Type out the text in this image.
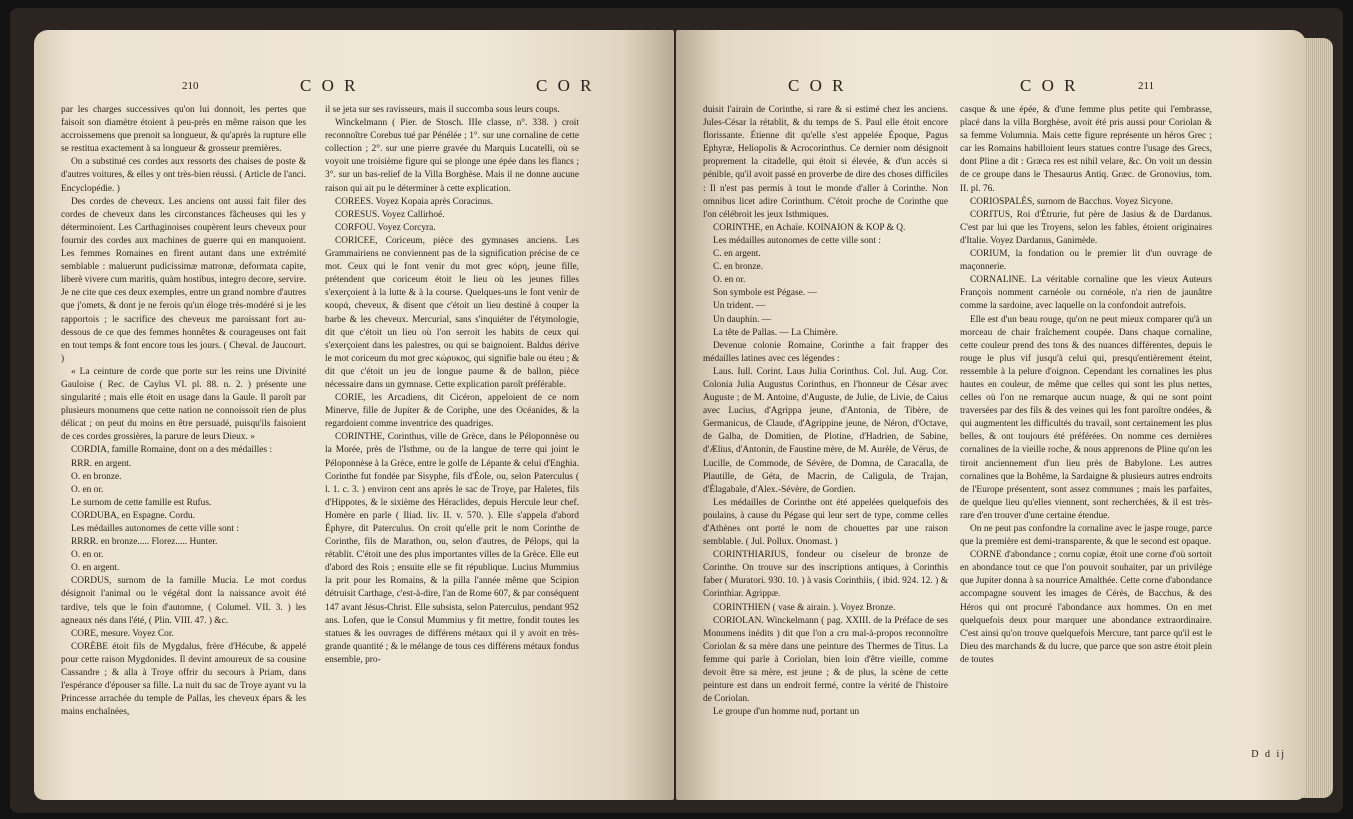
210	C O R	C O R

par les charges successives qu'on lui donnoit, les pertes que faisoit son diamètre étoient à peu-près en même raison que les accroissemens que prenoit sa longueur, & qu'après la rupture elle se restitua exactement à sa longueur & grosseur premières.

On a substitué ces cordes aux ressorts des chaises de poste & d'autres voitures, & elles y ont très-bien réussi. ( Article de l'anci. Encyclopédie. )

Des cordes de cheveux. Les anciens ont aussi fait filer des cordes de cheveux dans les circonstances fâcheuses qui les y déterminoient. Les Carthaginoises coupèrent leurs cheveux pour fournir des cordes aux machines de guerre qui en manquoient. Les femmes Romaines en firent autant dans une extrémité semblable : maluerunt pudicissimæ matronæ, deformata capite, liberè vivere cum maritis, quàm hostibus, integro decore, servire. Je ne cite que ces deux exemples, entre un grand nombre d'autres que j'omets, & dont je ne ferois qu'un éloge très-modéré si je les rapportois ; le sacrifice des cheveux me paroissant fort au-dessous de ce que des femmes honnêtes & courageuses ont fait en tout temps & font encore tous les jours. ( Cheval. de Jaucourt. )

« La ceinture de corde que porte sur les reins une Divinité Gauloise ( Rec. de Caylus VI. pl. 88. n. 2. ) présente une singularité ; mais elle étoit en usage dans la Gaule. Il paroît par plusieurs monumens que cette nation ne connoissoit rien de plus délicat ; on peut du moins en être persuadé, puisqu'ils faisoient de ces cordes grossières, la parure de leurs Dieux. »

CORDIA, famille Romaine, dont on a des médailles :

RRR. en argent.

O. en bronze.

O. en or.

Le surnom de cette famille est Rufus.

CORDUBA, en Espagne. Cordu.

Les médailles autonomes de cette ville sont :

RRRR. en bronze..... Florez..... Hunter.

O. en or.

O. en argent.

CORDUS, surnom de la famille Mucia. Le mot cordus désignoit l'animal ou le végétal dont la naissance avoit été tardive, tels que le foin d'automne, ( Columel. VII. 3. ) les agneaux nés dans l'été, ( Plin. VIII. 47. ) &c.

CORE, mesure. Voyez Cor.

CORÈBE étoit fils de Mygdalus, frère d'Hécube, & appelé pour cette raison Mygdonides. Il devint amoureux de sa cousine Cassandre ; & alla à Troye offrir du secours à Priam, dans l'espérance d'épouser sa fille. La nuit du sac de Troye ayant vu la Princesse arrachée du temple de Pallas, les cheveux épars & les mains enchaînées,

il se jeta sur ses ravisseurs, mais il succomba sous leurs coups.

Winckelmann ( Pier. de Stosch. IIIe classe, n°. 338. ) croit reconnoître Corebus tué par Pénélée ; 1°. sur une cornaline de cette collection ; 2°. sur une pierre gravée du Marquis Lucatelli, où se voyoit une troisième figure qui se plonge une épée dans les flancs ; 3°. sur un bas-relief de la Villa Borghèse. Mais il ne donne aucune raison qui ait pu le déterminer à cette explication.

COREES. Voyez Kopaia après Coracinus.

CORESUS. Voyez Callirhoé.

CORFOU. Voyez Corcyra.

CORICEE, Coriceum, pièce des gymnases anciens. Les Grammairiens ne conviennent pas de la signification précise de ce mot. Ceux qui le font venir du mot grec κόρη, jeune fille, prétendent que coriceum étoit le lieu où les jeunes filles s'exerçoient à la lutte & à la course. Quelques-uns le font venir de κουρά, cheveux, & disent que c'étoit un lieu destiné à couper la barbe & les cheveux. Mercurial, sans s'inquiéter de l'étymologie, dit que c'étoit un lieu où l'on serroit les habits de ceux qui s'exerçoient dans les palestres, ou qui se baignoient. Baldus dérive le mot coriceum du mot grec κώρυκος, qui signifie bale ou éteu ; & dit que c'étoit un jeu de longue paume & de ballon, pièce nécessaire dans un gymnase. Cette explication paroît préférable.

CORIE, les Arcadiens, dit Cicéron, appeloient de ce nom Minerve, fille de Jupiter & de Coriphe, une des Océanides, & la regardoient comme inventrice des quadriges.

CORINTHE, Corinthus, ville de Grèce, dans le Péloponnèse ou la Morée, près de l'Isthme, ou de la langue de terre qui joint le Péloponnèse à la Grèce, entre le golfe de Lépante & celui d'Enghia. Corinthe fut fondée par Sisyphe, fils d'Éole, ou, selon Paterculus ( l. 1. c. 3. ) environ cent ans après le sac de Troye, par Haletes, fils d'Hippotes, & le sixième des Héraclides, depuis Hercule leur chef. Homère en parle ( Iliad. liv. II. v. 570. ). Elle s'appela d'abord Éphyre, dit Paterculus. On croit qu'elle prit le nom Corinthe de Corinthe, fils de Marathon, ou, selon d'autres, de Pélops, qui la rétablit. C'étoit une des plus importantes villes de la Grèce. Elle eut d'abord des Rois ; ensuite elle se fit république. Lucius Mummius la prit pour les Romains, & la pilla l'année même que Scipion détruisit Carthage, c'est-à-dire, l'an de Rome 607, & par conséquent 147 avant Jésus-Christ. Elle subsista, selon Paterculus, pendant 952 ans. Lofen, que le Consul Mummius y fit mettre, fondit toutes les statues & les ouvrages de différens métaux qui il y avoit en très-grande quantité ; & le mélange de tous ces différens métaux fondus ensemble, pro-

C O R	C O R	211

duisit l'airain de Corinthe, si rare & si estimé chez les anciens. Jules-César la rétablit, & du temps de S. Paul elle étoit encore florissante. Étienne dit qu'elle s'est appelée Époque, Pagus Ephyræ, Heliopolis & Acrocorinthus. Ce dernier nom désignoit proprement la citadelle, qui étoit si élevée, & d'un accès si pénible, qu'il avoit passé en proverbe de dire des choses difficiles : Il n'est pas permis à tout le monde d'aller à Corinthe. Non omnibus licet adire Corinthum. C'étoit proche de Corinthe que l'on célébroit les jeux Isthmiques.

CORINTHE, en Achaïe. KOINAION & KOP & Q.

Les médailles autonomes de cette ville sont :

C. en argent.

C. en bronze.

O. en or.

Son symbole est Pégase. —

Un trident. —

Un dauphin. —

La tête de Pallas. — La Chimère.

Devenue colonie Romaine, Corinthe a fait frapper des médailles latines avec ces légendes :

Laus. Iull. Corint. Laus Julia Corinthus. Col. Jul. Aug. Cor. Colonia Julia Augustus Corinthus, en l'honneur de César avec Auguste ; de M. Antoine, d'Auguste, de Julie, de Livie, de Caius avec Lucius, d'Agrippa jeune, d'Antonia, de Tibère, de Germanicus, de Claude, d'Agrippine jeune, de Néron, d'Octave, de Galba, de Domitien, de Plotine, d'Hadrien, de Sabine, d'Ælius, d'Antonin, de Faustine mère, de M. Aurèle, de Vérus, de Lucille, de Commode, de Sévère, de Domna, de Caracalla, de Plautille, de Géta, de Macrin, de Caligula, de Trajan, d'Élagabale, d'Alex.-Sévère, de Gordien.

Les médailles de Corinthe ont été appelées quelquefois des poulains, à cause du Pégase qui leur sert de type, comme celles d'Athènes ont porté le nom de chouettes par une raison semblable. ( Jul. Pollux. Onomast. )

CORINTHIARIUS, fondeur ou ciseleur de bronze de Corinthe. On trouve sur des inscriptions antiques, à Corinthis faber ( Muratori. 930. 10. ) à vasis Corinthiis, ( ibid. 924. 12. ) & Corinthiar. Agrippæ.

CORINTHIEN ( vase & airain. ). Voyez Bronze.

CORIOLAN. Winckelmann ( pag. XXIII. de la Préface de ses Monumens inédits ) dit que l'on a cru mal-à-propos reconnoître Coriolan & sa mère dans une peinture des Thermes de Titus. La femme qui parle à Coriolan, bien loin d'être vieille, comme devoit être sa mère, est jeune ; & de plus, la scène de cette peinture est dans un endroit fermé, contre la vérité de l'histoire de Coriolan.

Le groupe d'un homme nud, portant un

casque & une épée, & d'une femme plus petite qui l'embrasse, placé dans la villa Borghèse, avoit été pris aussi pour Coriolan & sa femme Volumnia. Mais cette figure représente un héros Grec ; car les Romains habilloient leurs statues contre l'usage des Grecs, dont Pline a dit : Græca res est nihil velare, &c. On voit un dessin de ce groupe dans le Thesaurus Antiq. Græc. de Gronovius, tom. II. pl. 76.

CORIOSPALÈS, surnom de Bacchus. Voyez Sicyone.

CORITUS, Roi d'Étrurie, fut père de Jasius & de Dardanus. C'est par lui que les Troyens, selon les fables, étoient originaires d'Italie. Voyez Dardanus, Ganimède.

CORIUM, la fondation ou le premier lit d'un ouvrage de maçonnerie.

CORNALINE. La véritable cornaline que les vieux Auteurs François nomment carnéole ou cornéole, n'a rien de jaunâtre comme la sardoine, avec laquelle on la confondoit autrefois.

Elle est d'un beau rouge, qu'on ne peut mieux comparer qu'à un morceau de chair fraîchement coupée. Dans chaque cornaline, cette couleur prend des tons & des nuances différentes, depuis le rouge le plus vif jusqu'à celui qui, presqu'entièrement éteint, ressemble à la pelure d'oignon. Cependant les cornalines les plus hautes en couleur, de même que celles qui sont les plus nettes, celles où l'on ne remarque aucun nuage, & qui ne sont point traversées par des fils & des veines qui les font paroître ondées, & qui augmentent les difficultés du travail, sont certainement les plus belles, & ont toujours été préférées. On nomme ces dernières cornalines de la vieille roche, & nous apprenons de Pline qu'on les tiroit anciennement d'un lieu près de Babylone. Les autres cornalines que la Bohême, la Sardaigne & plusieurs autres endroits de l'Europe présentent, sont assez communes ; mais les parfaites, de quelque lieu qu'elles viennent, sont recherchées, & il est très-rare d'en trouver d'une certaine étendue.

On ne peut pas confondre la cornaline avec le jaspe rouge, parce que la première est demi-transparente, & que le second est opaque.

CORNE d'abondance ; cornu copiæ, étoit une corne d'où sortoit en abondance tout ce que l'on pouvoit souhaiter, par un privilège que Jupiter donna à sa nourrice Amalthée. Cette corne d'abondance accompagne souvent les images de Cérès, de Bacchus, & des Héros qui ont procuré l'abondance aux hommes. On en met quelquefois deux pour marquer une abondance extraordinaire. C'est ainsi qu'on trouve quelquefois Mercure, tant parce qu'il est le Dieu des marchands & du lucre, que parce que son astre étoit plein de toutes

D d ij
